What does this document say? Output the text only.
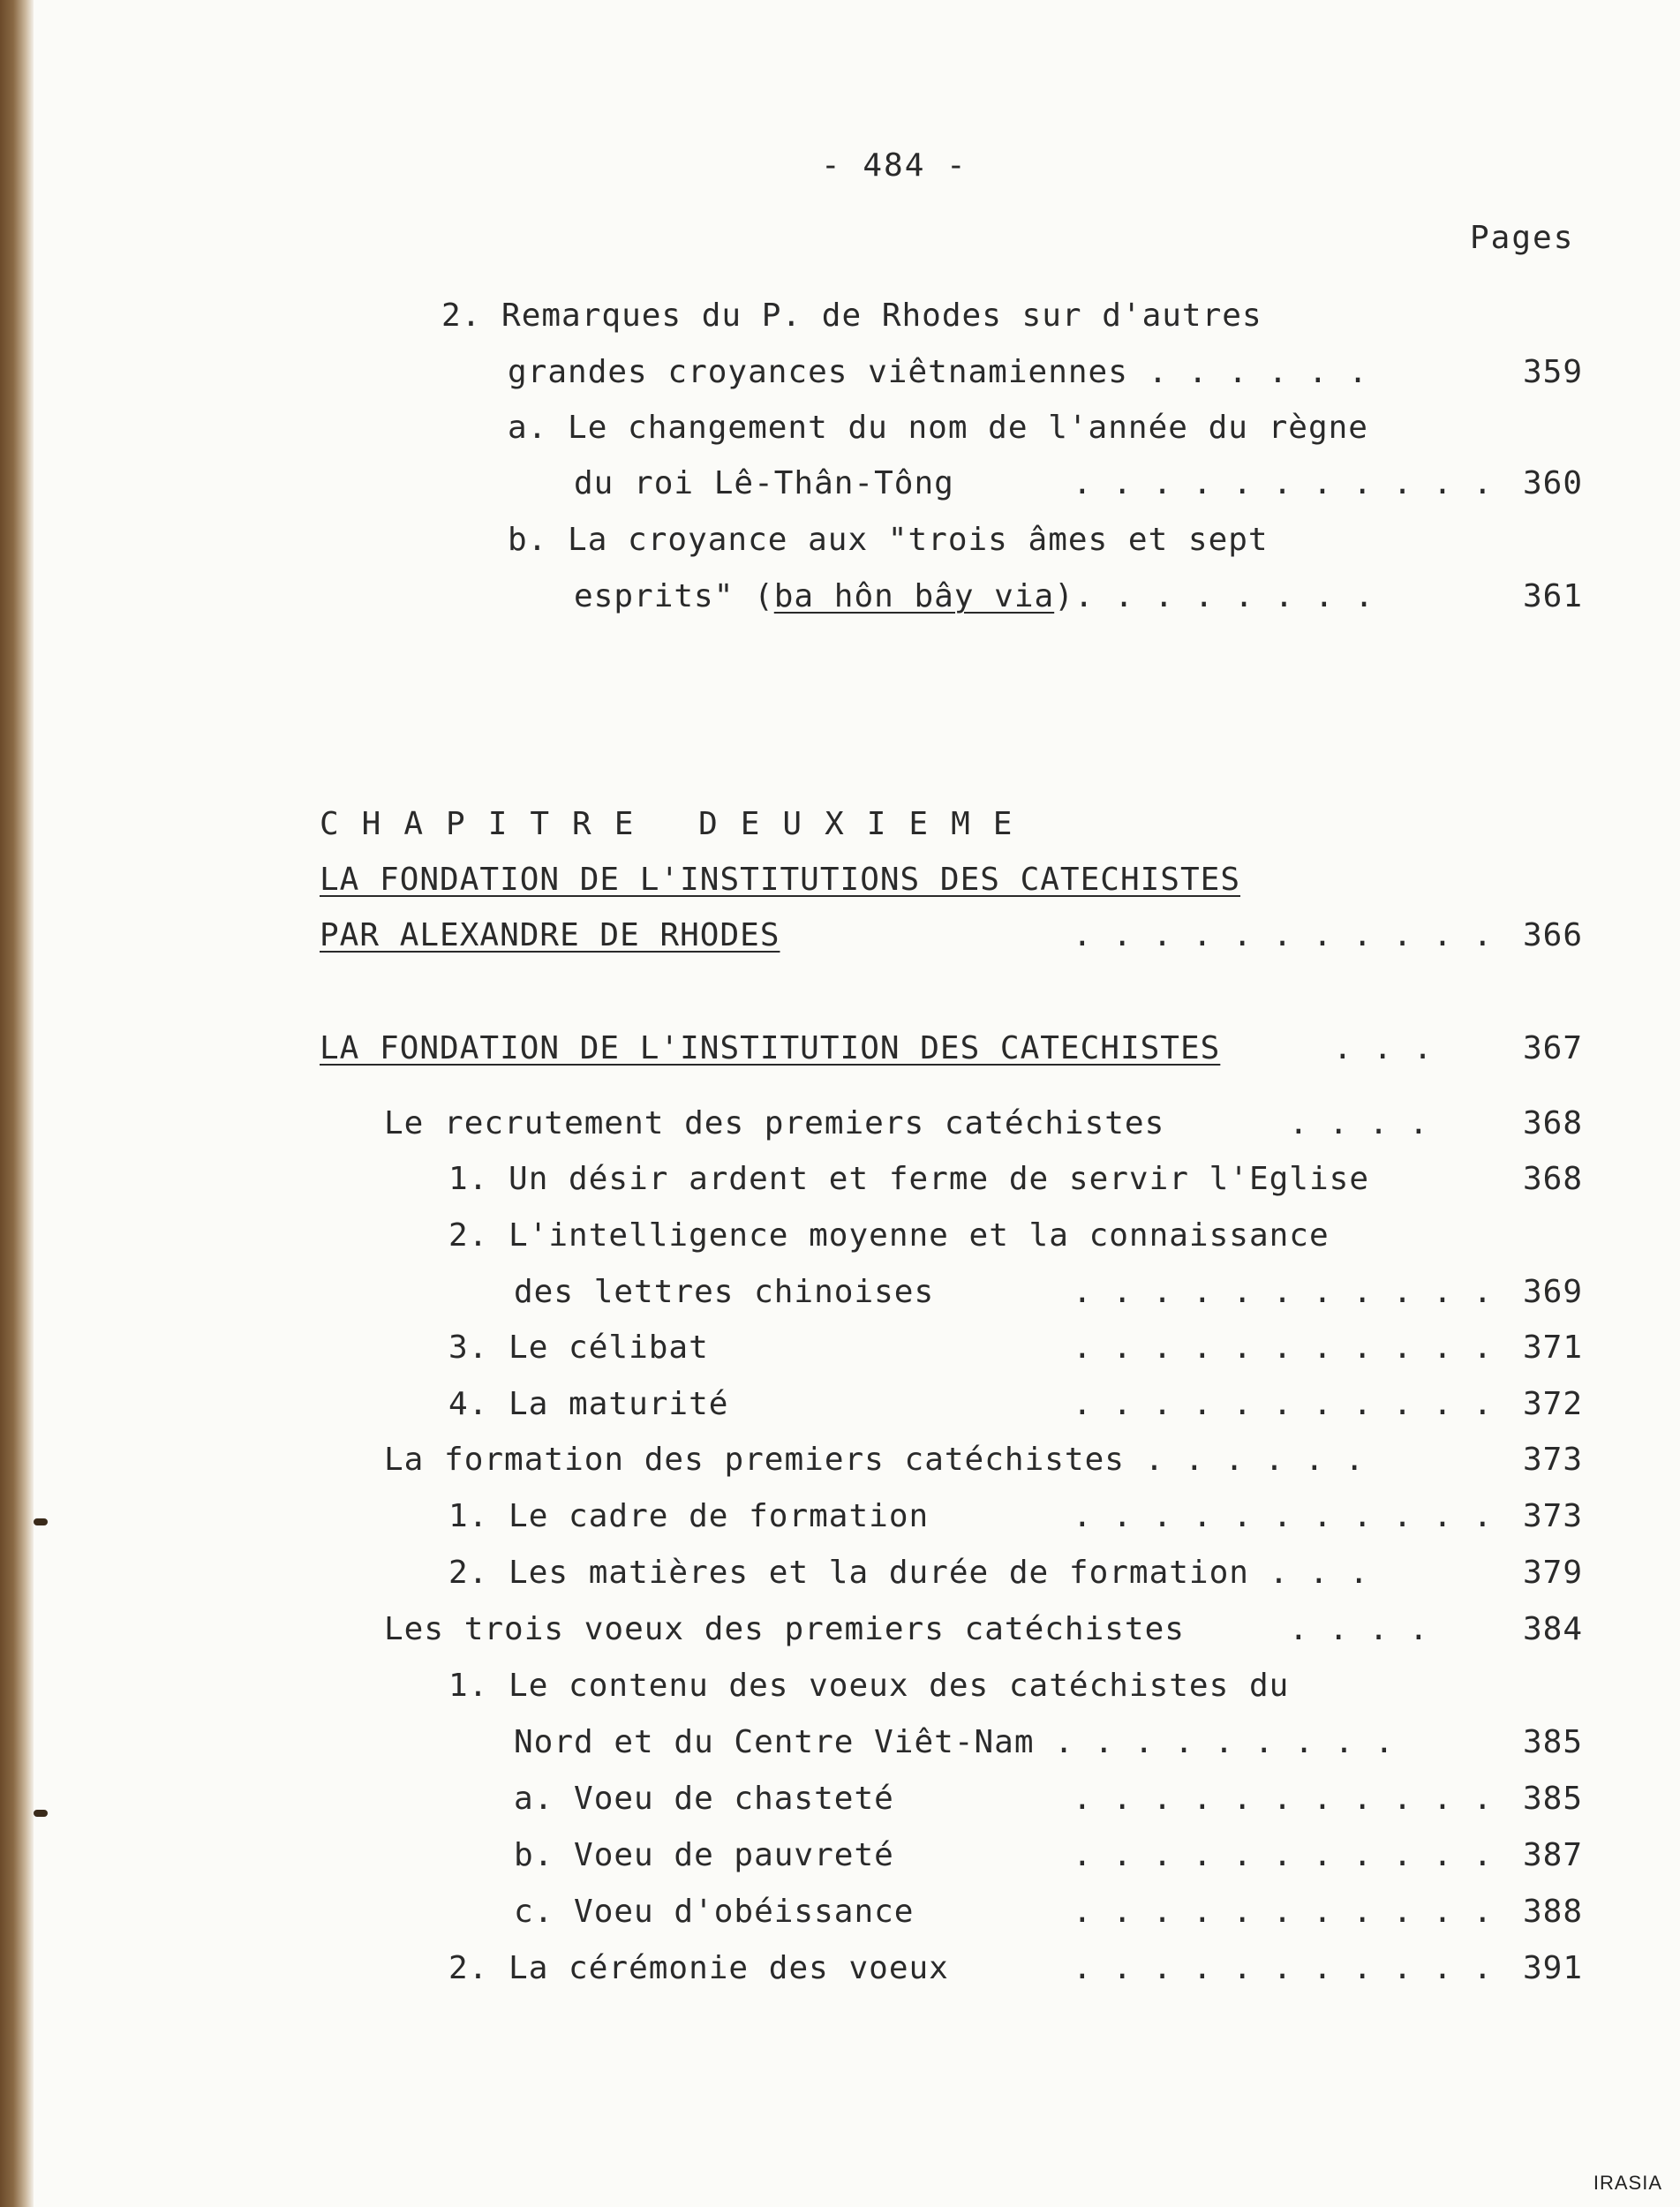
- 484 -
Pages
2. Remarques du P. de Rhodes sur d'autres
grandes croyances viêtnamiennes . . . . . .	359
a. Le changement du nom de l'année du règne
du roi Lê-Thân-Tông	. . . . . . . . . . . 360
b. La croyance aux "trois âmes et sept
esprits" (ba hôn bây via). . . . . . . .	361
CHAPITRE DEUXIEME
LA FONDATION DE L'INSTITUTIONS DES CATECHISTES
PAR ALEXANDRE DE RHODES	. . . . . . . . . . . 366
LA FONDATION DE L'INSTITUTION DES CATECHISTES	. . .	367
Le recrutement des premiers catéchistes	. . . .	368
1. Un désir ardent et ferme de servir l'Eglise	368
2. L'intelligence moyenne et la connaissance
des lettres chinoises	. . . . . . . . . . . 369
3. Le célibat	. . . . . . . . . . . 371
4. La maturité	. . . . . . . . . . . 372
La formation des premiers catéchistes . . . . . .	373
1. Le cadre de formation	. . . . . . . . . . . 373
2. Les matières et la durée de formation . . .	379
Les trois voeux des premiers catéchistes	. . . .	384
1. Le contenu des voeux des catéchistes du
Nord et du Centre Viêt-Nam . . . . . . . . .	385
a. Voeu de chasteté	. . . . . . . . . . . 385
b. Voeu de pauvreté	. . . . . . . . . . . 387
c. Voeu d'obéissance	. . . . . . . . . . . 388
2. La cérémonie des voeux	. . . . . . . . . . . 391
IRASIA
